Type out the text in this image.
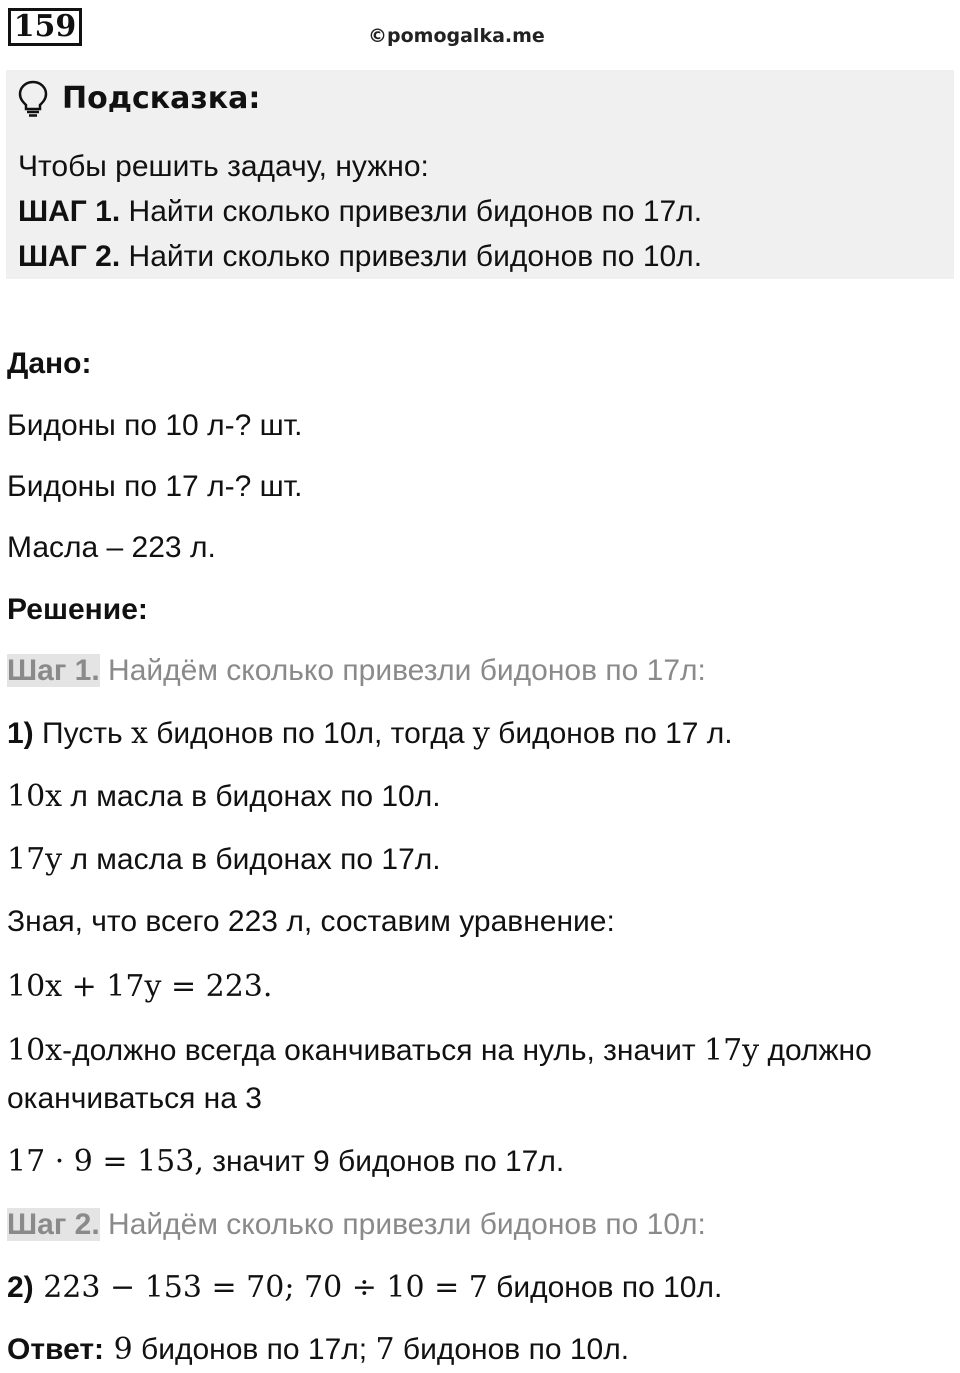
159	©pomogalka.me
Подсказка:
Чтобы решить задачу, нужно:
ШАГ 1. Найти сколько привезли бидонов по 17л.
ШАГ 2. Найти сколько привезли бидонов по 10л.
Дано:
Бидоны по 10 л-? шт.
Бидоны по 17 л-? шт.
Масла – 223 л.
Решение:
Шаг 1. Найдём сколько привезли бидонов по 17л:
1) Пусть x бидонов по 10л, тогда y бидонов по 17 л.
10x л масла в бидонах по 10л.
17y л масла в бидонах по 17л.
Зная, что всего 223 л, составим уравнение:
10x + 17y = 223.
10x-должно всегда оканчиваться на нуль, значит 17y должно
оканчиваться на 3
17 · 9 = 153, значит 9 бидонов по 17л.
Шаг 2. Найдём сколько привезли бидонов по 10л:
2) 223 − 153 = 70; 70 ÷ 10 = 7 бидонов по 10л.
Ответ: 9 бидонов по 17л; 7 бидонов по 10л.
